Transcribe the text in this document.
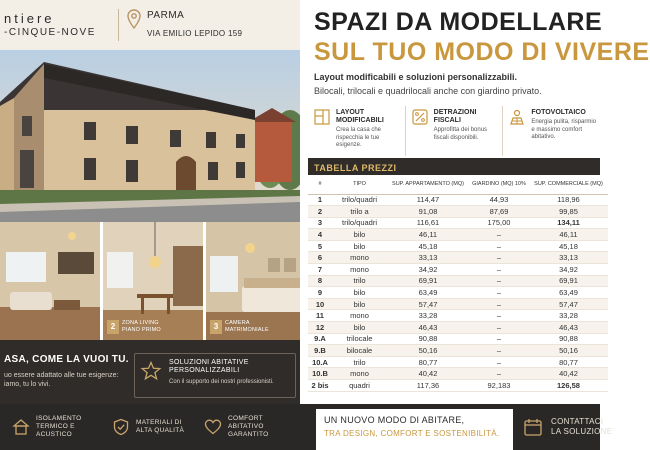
ntiere
-CINQUE-NOVE
PARMA
VIA EMILIO LEPIDO 159
2	ZONA LIVING PIANO PRIMO	3	CAMERA MATRIMONIALE
ASA, COME LA VUOI TU.
uo essere adattato alle tue esigenze: iamo, tu lo vivi.
SOLUZIONI ABITATIVE PERSONALIZZABILI
Con il supporto dei nostri professionisti.
SPAZI DA MODELLARE
SUL TUO MODO DI VIVERE
Layout modificabili e soluzioni personalizzabili.
Bilocali, trilocali e quadrilocali anche con giardino privato.
LAYOUT MODIFICABILI
Crea la casa che rispecchia le tue esigenze.
DETRAZIONI FISCALI
Approfitta dei bonus fiscali disponibili.
FOTOVOLTAICO
Energia pulita, risparmio e massimo comfort abitativo.
TABELLA PREZZI
#	TIPO	SUP. APPARTAMENTO (MQ)	GIARDINO (MQ) 10%	SUP. COMMERCIALE (MQ)
1	trilo/quadri	114,47	44,93	118,96
2	trilo a	91,08	87,69	99,85
3	trilo/quadri	116,61	175,00	134,11
4	bilo	46,11	–	46,11
5	bilo	45,18	–	45,18
6	mono	33,13	–	33,13
7	mono	34,92	–	34,92
8	trilo	69,91	–	69,91
9	bilo	63,49	–	63,49
10	bilo	57,47	–	57,47
11	mono	33,28	–	33,28
12	bilo	46,43	–	46,43
9.A	trilocale	90,88	–	90,88
9.B	bilocale	50,16	–	50,16
10.A	trilo	80,77	–	80,77
10.B	mono	40,42	–	40,42
2 bis	quadri	117,36	92,183	126,58
ISOLAMENTO TERMICO E ACUSTICO
MATERIALI DI ALTA QUALITÀ
COMFORT ABITATIVO GARANTITO
UN NUOVO MODO DI ABITARE,
TRA DESIGN, COMFORT E SOSTENIBILITÀ.
CONTATTACI
LA SOLUZIONE
